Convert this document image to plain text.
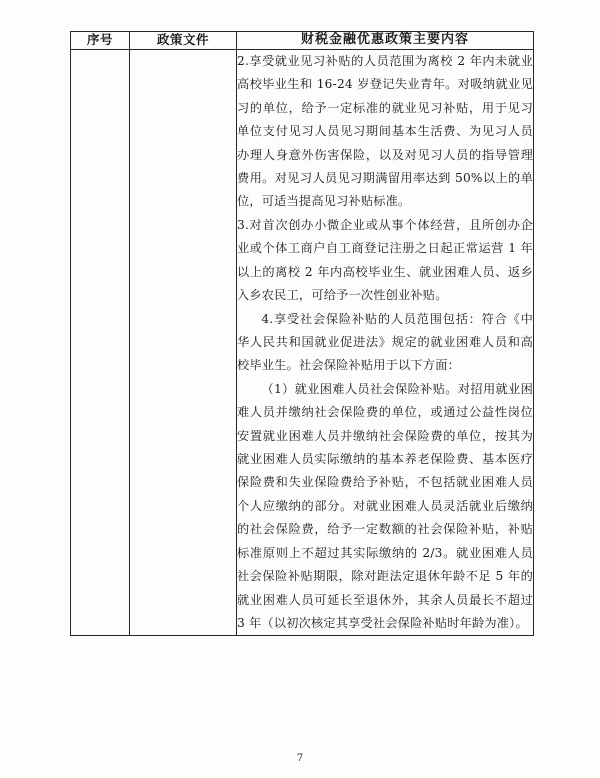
序号	政策文件	财税金融优惠政策主要内容

		2.享受就业见习补贴的人员范围为离校 2 年内未就业高校毕业生和 16-24 岁登记失业青年。对吸纳就业见习的单位，给予一定标准的就业见习补贴，用于见习单位支付见习人员见习期间基本生活费、为见习人员办理人身意外伤害保险，以及对见习人员的指导管理费用。对见习人员见习期满留用率达到 50%以上的单位，可适当提高见习补贴标准。

3.对首次创办小微企业或从事个体经营，且所创办企业或个体工商户自工商登记注册之日起正常运营 1 年以上的离校 2 年内高校毕业生、就业困难人员、返乡入乡农民工，可给予一次性创业补贴。

4.享受社会保险补贴的人员范围包括：符合《中华人民共和国就业促进法》规定的就业困难人员和高校毕业生。社会保险补贴用于以下方面：

（1）就业困难人员社会保险补贴。对招用就业困难人员并缴纳社会保险费的单位，或通过公益性岗位安置就业困难人员并缴纳社会保险费的单位，按其为就业困难人员实际缴纳的基本养老保险费、基本医疗保险费和失业保险费给予补贴，不包括就业困难人员个人应缴纳的部分。对就业困难人员灵活就业后缴纳的社会保险费，给予一定数额的社会保险补贴，补贴标准原则上不超过其实际缴纳的 2/3。就业困难人员社会保险补贴期限，除对距法定退休年龄不足 5 年的就业困难人员可延长至退休外，其余人员最长不超过 3 年（以初次核定其享受社会保险补贴时年龄为准）。

7
